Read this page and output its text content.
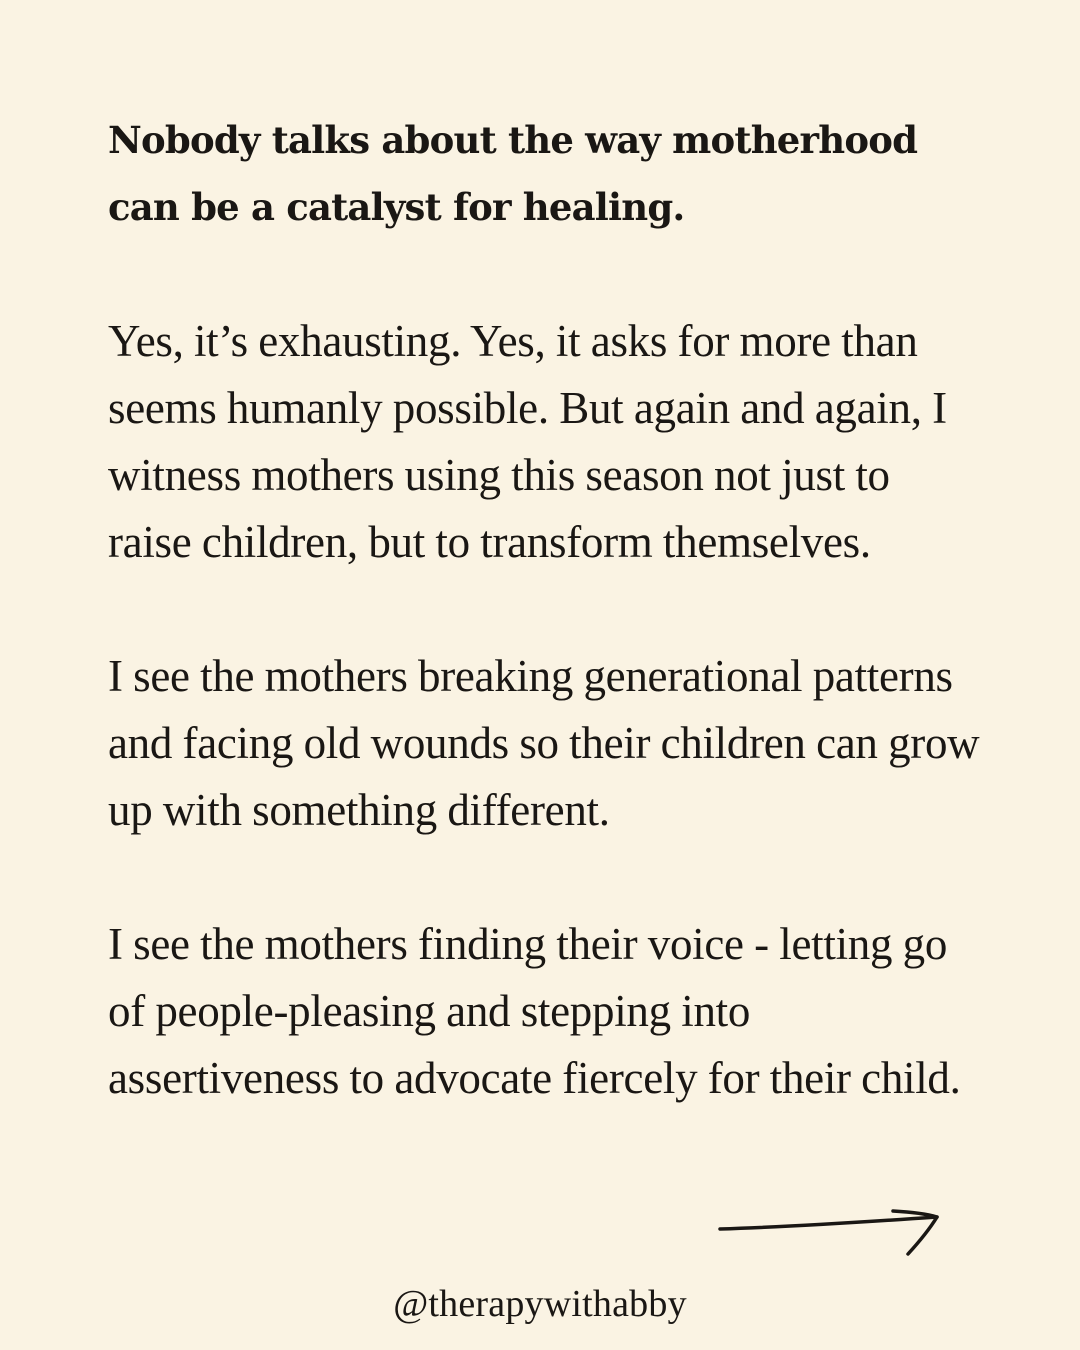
Nobody talks about the way motherhood can be a catalyst for healing.

Yes, it’s exhausting. Yes, it asks for more than seems humanly possible. But again and again, I witness mothers using this season not just to raise children, but to transform themselves.

I see the mothers breaking generational patterns and facing old wounds so their children can grow up with something different.

I see the mothers finding their voice - letting go of people-pleasing and stepping into assertiveness to advocate fiercely for their child.

@therapywithabby
